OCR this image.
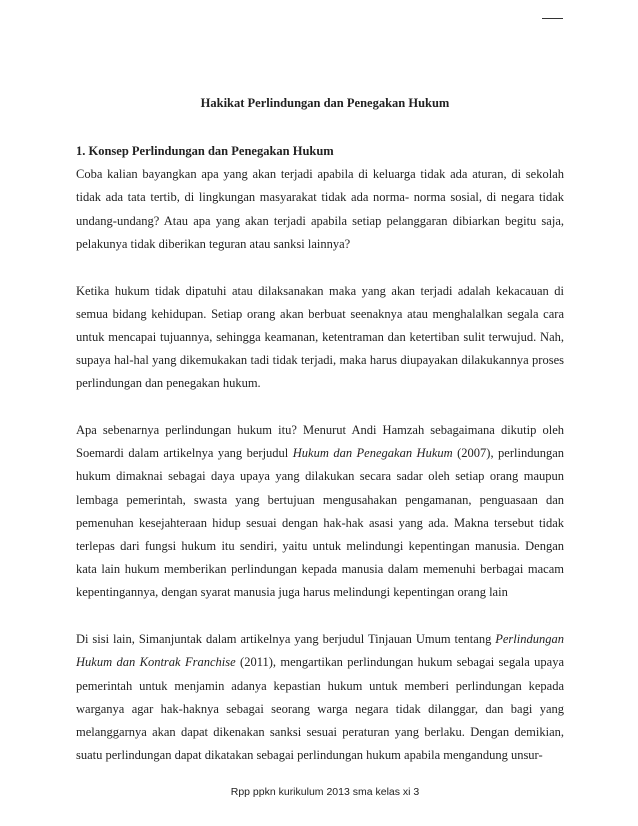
Hakikat Perlindungan dan Penegakan Hukum
1. Konsep Perlindungan dan Penegakan Hukum

Coba kalian bayangkan apa yang akan terjadi apabila di keluarga tidak ada aturan, di sekolah tidak ada tata tertib, di lingkungan masyarakat tidak ada norma- norma sosial, di negara tidak undang-undang? Atau apa yang akan terjadi apabila setiap pelanggaran dibiarkan begitu saja, pelakunya tidak diberikan teguran atau sanksi lainnya?

Ketika hukum tidak dipatuhi atau dilaksanakan maka yang akan terjadi adalah kekacauan di semua bidang kehidupan. Setiap orang akan berbuat seenaknya atau menghalalkan segala cara untuk mencapai tujuannya, sehingga keamanan, ketentraman dan ketertiban sulit terwujud. Nah, supaya hal-hal yang dikemukakan tadi tidak terjadi, maka harus diupayakan dilakukannya proses perlindungan dan penegakan hukum.

Apa sebenarnya perlindungan hukum itu? Menurut Andi Hamzah sebagaimana dikutip oleh Soemardi dalam artikelnya yang berjudul Hukum dan Penegakan Hukum (2007), perlindungan hukum dimaknai sebagai daya upaya yang dilakukan secara sadar oleh setiap orang maupun lembaga pemerintah, swasta yang bertujuan mengusahakan pengamanan, penguasaan dan pemenuhan kesejahteraan hidup sesuai dengan hak-hak asasi yang ada. Makna tersebut tidak terlepas dari fungsi hukum itu sendiri, yaitu untuk melindungi kepentingan manusia. Dengan kata lain hukum memberikan perlindungan kepada manusia dalam memenuhi berbagai macam kepentingannya, dengan syarat manusia juga harus melindungi kepentingan orang lain

Di sisi lain, Simanjuntak dalam artikelnya yang berjudul Tinjauan Umum tentang Perlindungan Hukum dan Kontrak Franchise (2011), mengartikan perlindungan hukum sebagai segala upaya pemerintah untuk menjamin adanya kepastian hukum untuk memberi perlindungan kepada warganya agar hak-haknya sebagai seorang warga negara tidak dilanggar, dan bagi yang melanggarnya akan dapat dikenakan sanksi sesuai peraturan yang berlaku. Dengan demikian, suatu perlindungan dapat dikatakan sebagai perlindungan hukum apabila mengandung unsur-

Rpp ppkn kurikulum 2013 sma kelas xi 3
